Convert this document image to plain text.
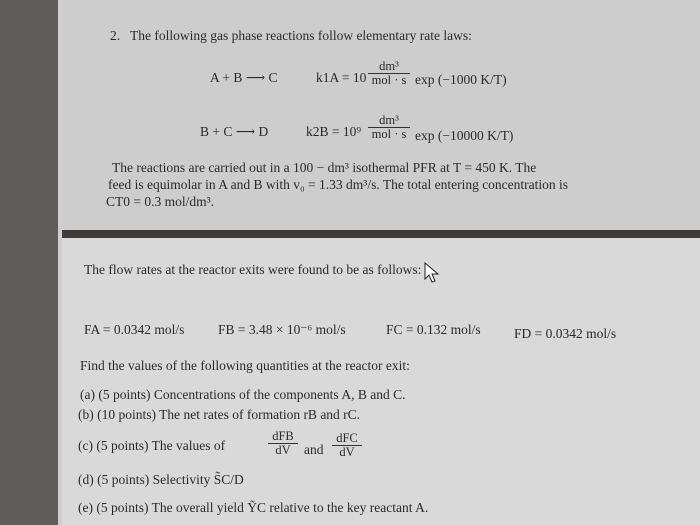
2. The following gas phase reactions follow elementary rate laws:
A + B ⟶ C	k1A = 10
dm³
mol · s exp (−1000 K/T)
B + C ⟶ D	k2B = 10⁹
dm³
mol · s exp (−10000 K/T)
The reactions are carried out in a 100 − dm³ isothermal PFR at T = 450 K. The
feed is equimolar in A and B with v₀ = 1.33 dm³/s. The total entering concentration is
CT0 = 0.3 mol/dm³.
The flow rates at the reactor exits were found to be as follows:
FA = 0.0342 mol/s FB = 3.48 × 10⁻⁶ mol/s	FC = 0.132 mol/s FD = 0.0342 mol/s
Find the values of the following quantities at the reactor exit:
(a) (5 points) Concentrations of the components A, B and C.
(b) (10 points) The net rates of formation rB and rC.
(c) (5 points) The values of
dFB
dV and
dFC
dV
(d) (5 points) Selectivity S̃C/D
(e) (5 points) The overall yield ỸC relative to the key reactant A.
